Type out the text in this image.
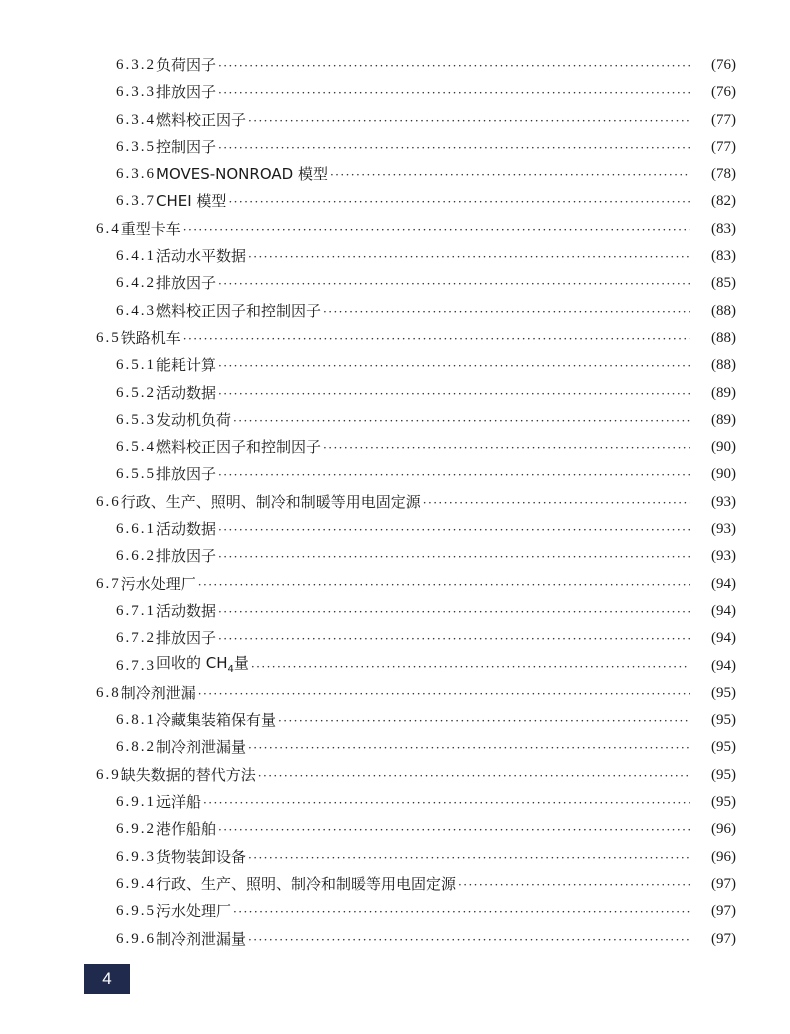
6.3.2 负荷因子 ·····	(76)
6.3.3 排放因子 ·····	(76)
6.3.4 燃料校正因子 ·····	(77)
6.3.5 控制因子 ·····	(77)
6.3.6 MOVES-NONROAD 模型 ·····	(78)
6.3.7 CHEI 模型 ·····	(82)
6.4 重型卡车 ·····	(83)
6.4.1 活动水平数据 ·····	(83)
6.4.2 排放因子 ·····	(85)
6.4.3 燃料校正因子和控制因子 ·····	(88)
6.5 铁路机车 ·····	(88)
6.5.1 能耗计算 ·····	(88)
6.5.2 活动数据 ·····	(89)
6.5.3 发动机负荷 ·····	(89)
6.5.4 燃料校正因子和控制因子 ·····	(90)
6.5.5 排放因子 ·····	(90)
6.6 行政、生产、照明、制冷和制暖等用电固定源 ·····	(93)
6.6.1 活动数据 ·····	(93)
6.6.2 排放因子 ·····	(93)
6.7 污水处理厂 ·····	(94)
6.7.1 活动数据 ·····	(94)
6.7.2 排放因子 ·····	(94)
6.7.3 回收的 $CH_4$量 ·····	(94)
6.8 制冷剂泄漏 ·····	(95)
6.8.1 冷藏集装箱保有量 ·····	(95)
6.8.2 制冷剂泄漏量 ·····	(95)
6.9 缺失数据的替代方法 ·····	(95)
6.9.1 远洋船 ·····	(95)
6.9.2 港作船舶 ·····	(96)
6.9.3 货物装卸设备 ·····	(96)
6.9.4 行政、生产、照明、制冷和制暖等用电固定源 ·····	(97)
6.9.5 污水处理厂 ·····	(97)
6.9.6 制冷剂泄漏量 ·····	(97)
4
